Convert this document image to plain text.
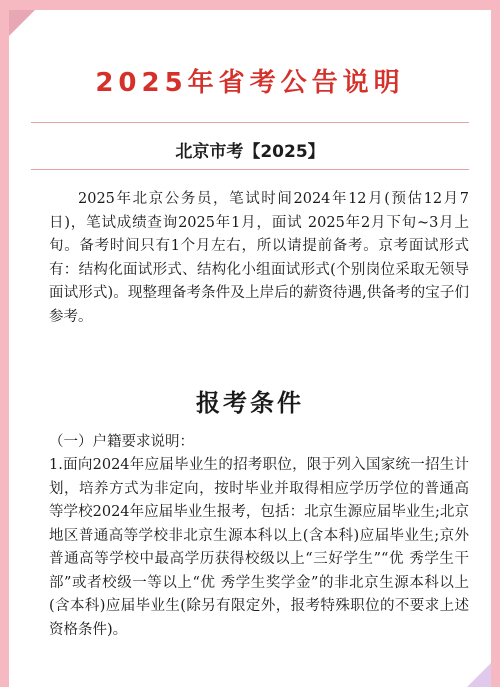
2025年省考公告说明
北京市考【2025】
2025年北京公务员，笔试时间2024年12月(预估12月7日)，笔试成绩查询2025年1月，面试 2025年2月下旬~3月上旬。备考时间只有1个月左右，所以请提前备考。京考面试形式有：结构化面试形式、结构化小组面试形式(个别岗位采取无领导面试形式)。现整理备考条件及上岸后的薪资待遇,供备考的宝子们参考。
报考条件
（一）户籍要求说明：
1.面向2024年应届毕业生的招考职位，限于列入国家统一招生计划，培养方式为非定向，按时毕业并取得相应学历学位的普通高等学校2024年应届毕业生报考，包括：北京生源应届毕业生;北京地区普通高等学校非北京生源本科以上(含本科)应届毕业生;京外普通高等学校中最高学历获得校级以上“三好学生”“优 秀学生干部”或者校级一等以上“优 秀学生奖学金”的非北京生源本科以上(含本科)应届毕业生(除另有限定外，报考特殊职位的不要求上述资格条件)。
